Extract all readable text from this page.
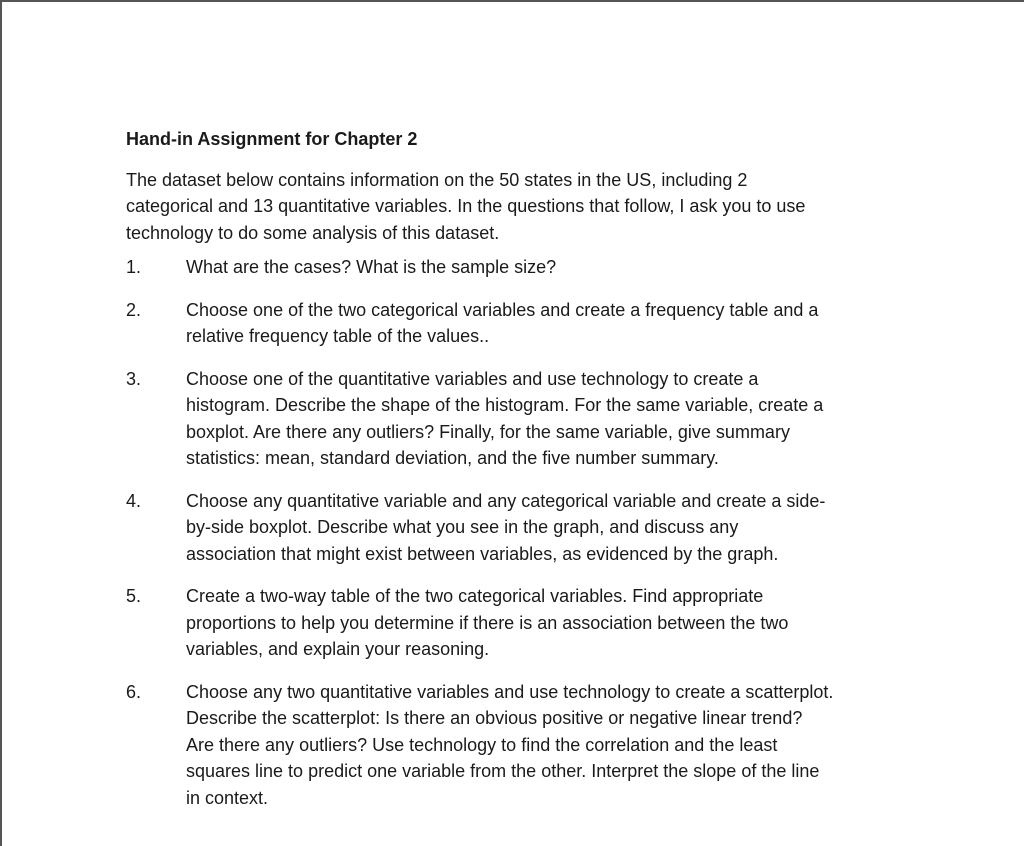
Hand-in Assignment for Chapter 2

The dataset below contains information on the 50 states in the US, including 2
categorical and 13 quantitative variables. In the questions that follow, I ask you to use
technology to do some analysis of this dataset.

1.	What are the cases? What is the sample size?
2.	Choose one of the two categorical variables and create a frequency table and a
relative frequency table of the values..
3.	Choose one of the quantitative variables and use technology to create a
histogram. Describe the shape of the histogram. For the same variable, create a
boxplot. Are there any outliers? Finally, for the same variable, give summary
statistics: mean, standard deviation, and the five number summary.
4.	Choose any quantitative variable and any categorical variable and create a side-
by-side boxplot. Describe what you see in the graph, and discuss any
association that might exist between variables, as evidenced by the graph.
5.	Create a two-way table of the two categorical variables. Find appropriate
proportions to help you determine if there is an association between the two
variables, and explain your reasoning.
6.	Choose any two quantitative variables and use technology to create a scatterplot.
Describe the scatterplot: Is there an obvious positive or negative linear trend?
Are there any outliers? Use technology to find the correlation and the least
squares line to predict one variable from the other. Interpret the slope of the line
in context.
